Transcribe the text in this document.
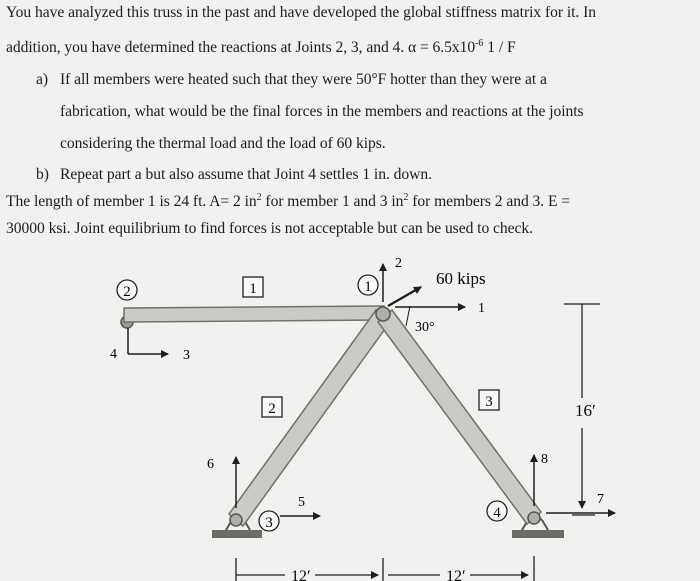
You have analyzed this truss in the past and have developed the global stiffness matrix for it. In
addition, you have determined the reactions at Joints 2, 3, and 4. $\alpha = 6.5x10^{-6}$ 1 / F
a) If all members were heated such that they were 50°F hotter than they were at a
fabrication, what would be the final forces in the members and reactions at the joints
considering the thermal load and the load of 60 kips.
b) Repeat part a but also assume that Joint 4 settles 1 in. down.
The length of member 1 is 24 ft. A= 2 $in^2$ for member 1 and 3 $in^2$ for members 2 and 3. E =
30000 ksi. Joint equilibrium to find forces is not acceptable but can be used to check.
2	1
3
4
1
2	3
2
1
4	3
6
5
8
7
60 kips
30°
16′
12′	12′
